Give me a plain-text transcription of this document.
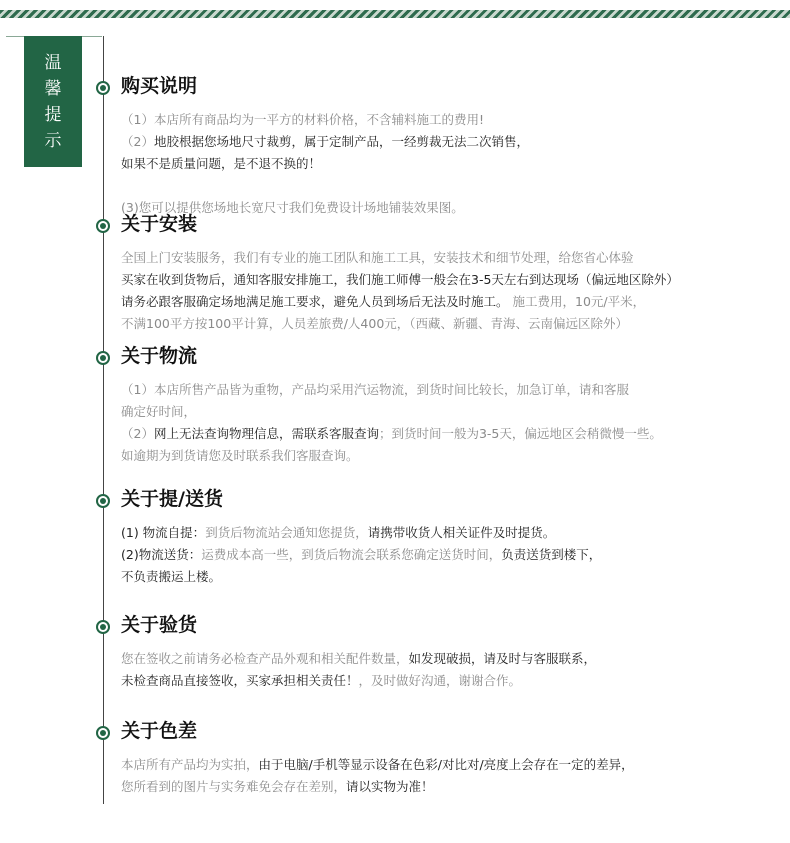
温
馨
提
示
购买说明
（1）本店所有商品均为一平方的材料价格，不含辅料施工的费用!
（2）地胶根据您场地尺寸裁剪，属于定制产品，一经剪裁无法二次销售，
如果不是质量问题，是不退不换的！
(3)您可以提供您场地长宽尺寸我们免费设计场地铺装效果图。
关于安装
全国上门安装服务，我们有专业的施工团队和施工工具，安装技术和细节处理，给您省心体验
买家在收到货物后，通知客服安排施工，我们施工师傅一般会在3-5天左右到达现场（偏远地区除外）
请务必跟客服确定场地满足施工要求，避免人员到场后无法及时施工。 施工费用，10元/平米，
不满100平方按100平计算，人员差旅费/人400元，（西藏、新疆、青海、云南偏远区除外）
关于物流
（1）本店所售产品皆为重物，产品均采用汽运物流，到货时间比较长，加急订单，请和客服
确定好时间，
（2）网上无法查询物理信息，需联系客服查询；到货时间一般为3-5天，偏远地区会稍微慢一些。
如逾期为到货请您及时联系我们客服查询。
关于提/送货
(1) 物流自提：到货后物流站会通知您提货，请携带收货人相关证件及时提货。
(2)物流送货：运费成本高一些，到货后物流会联系您确定送货时间，负责送货到楼下，
不负责搬运上楼。
关于验货
您在签收之前请务必检查产品外观和相关配件数量，如发现破损，请及时与客服联系，
未检查商品直接签收，买家承担相关责任！，及时做好沟通，谢谢合作。
关于色差
本店所有产品均为实拍，由于电脑/手机等显示设备在色彩/对比对/亮度上会存在一定的差异，
您所看到的图片与实务难免会存在差别，请以实物为准！
